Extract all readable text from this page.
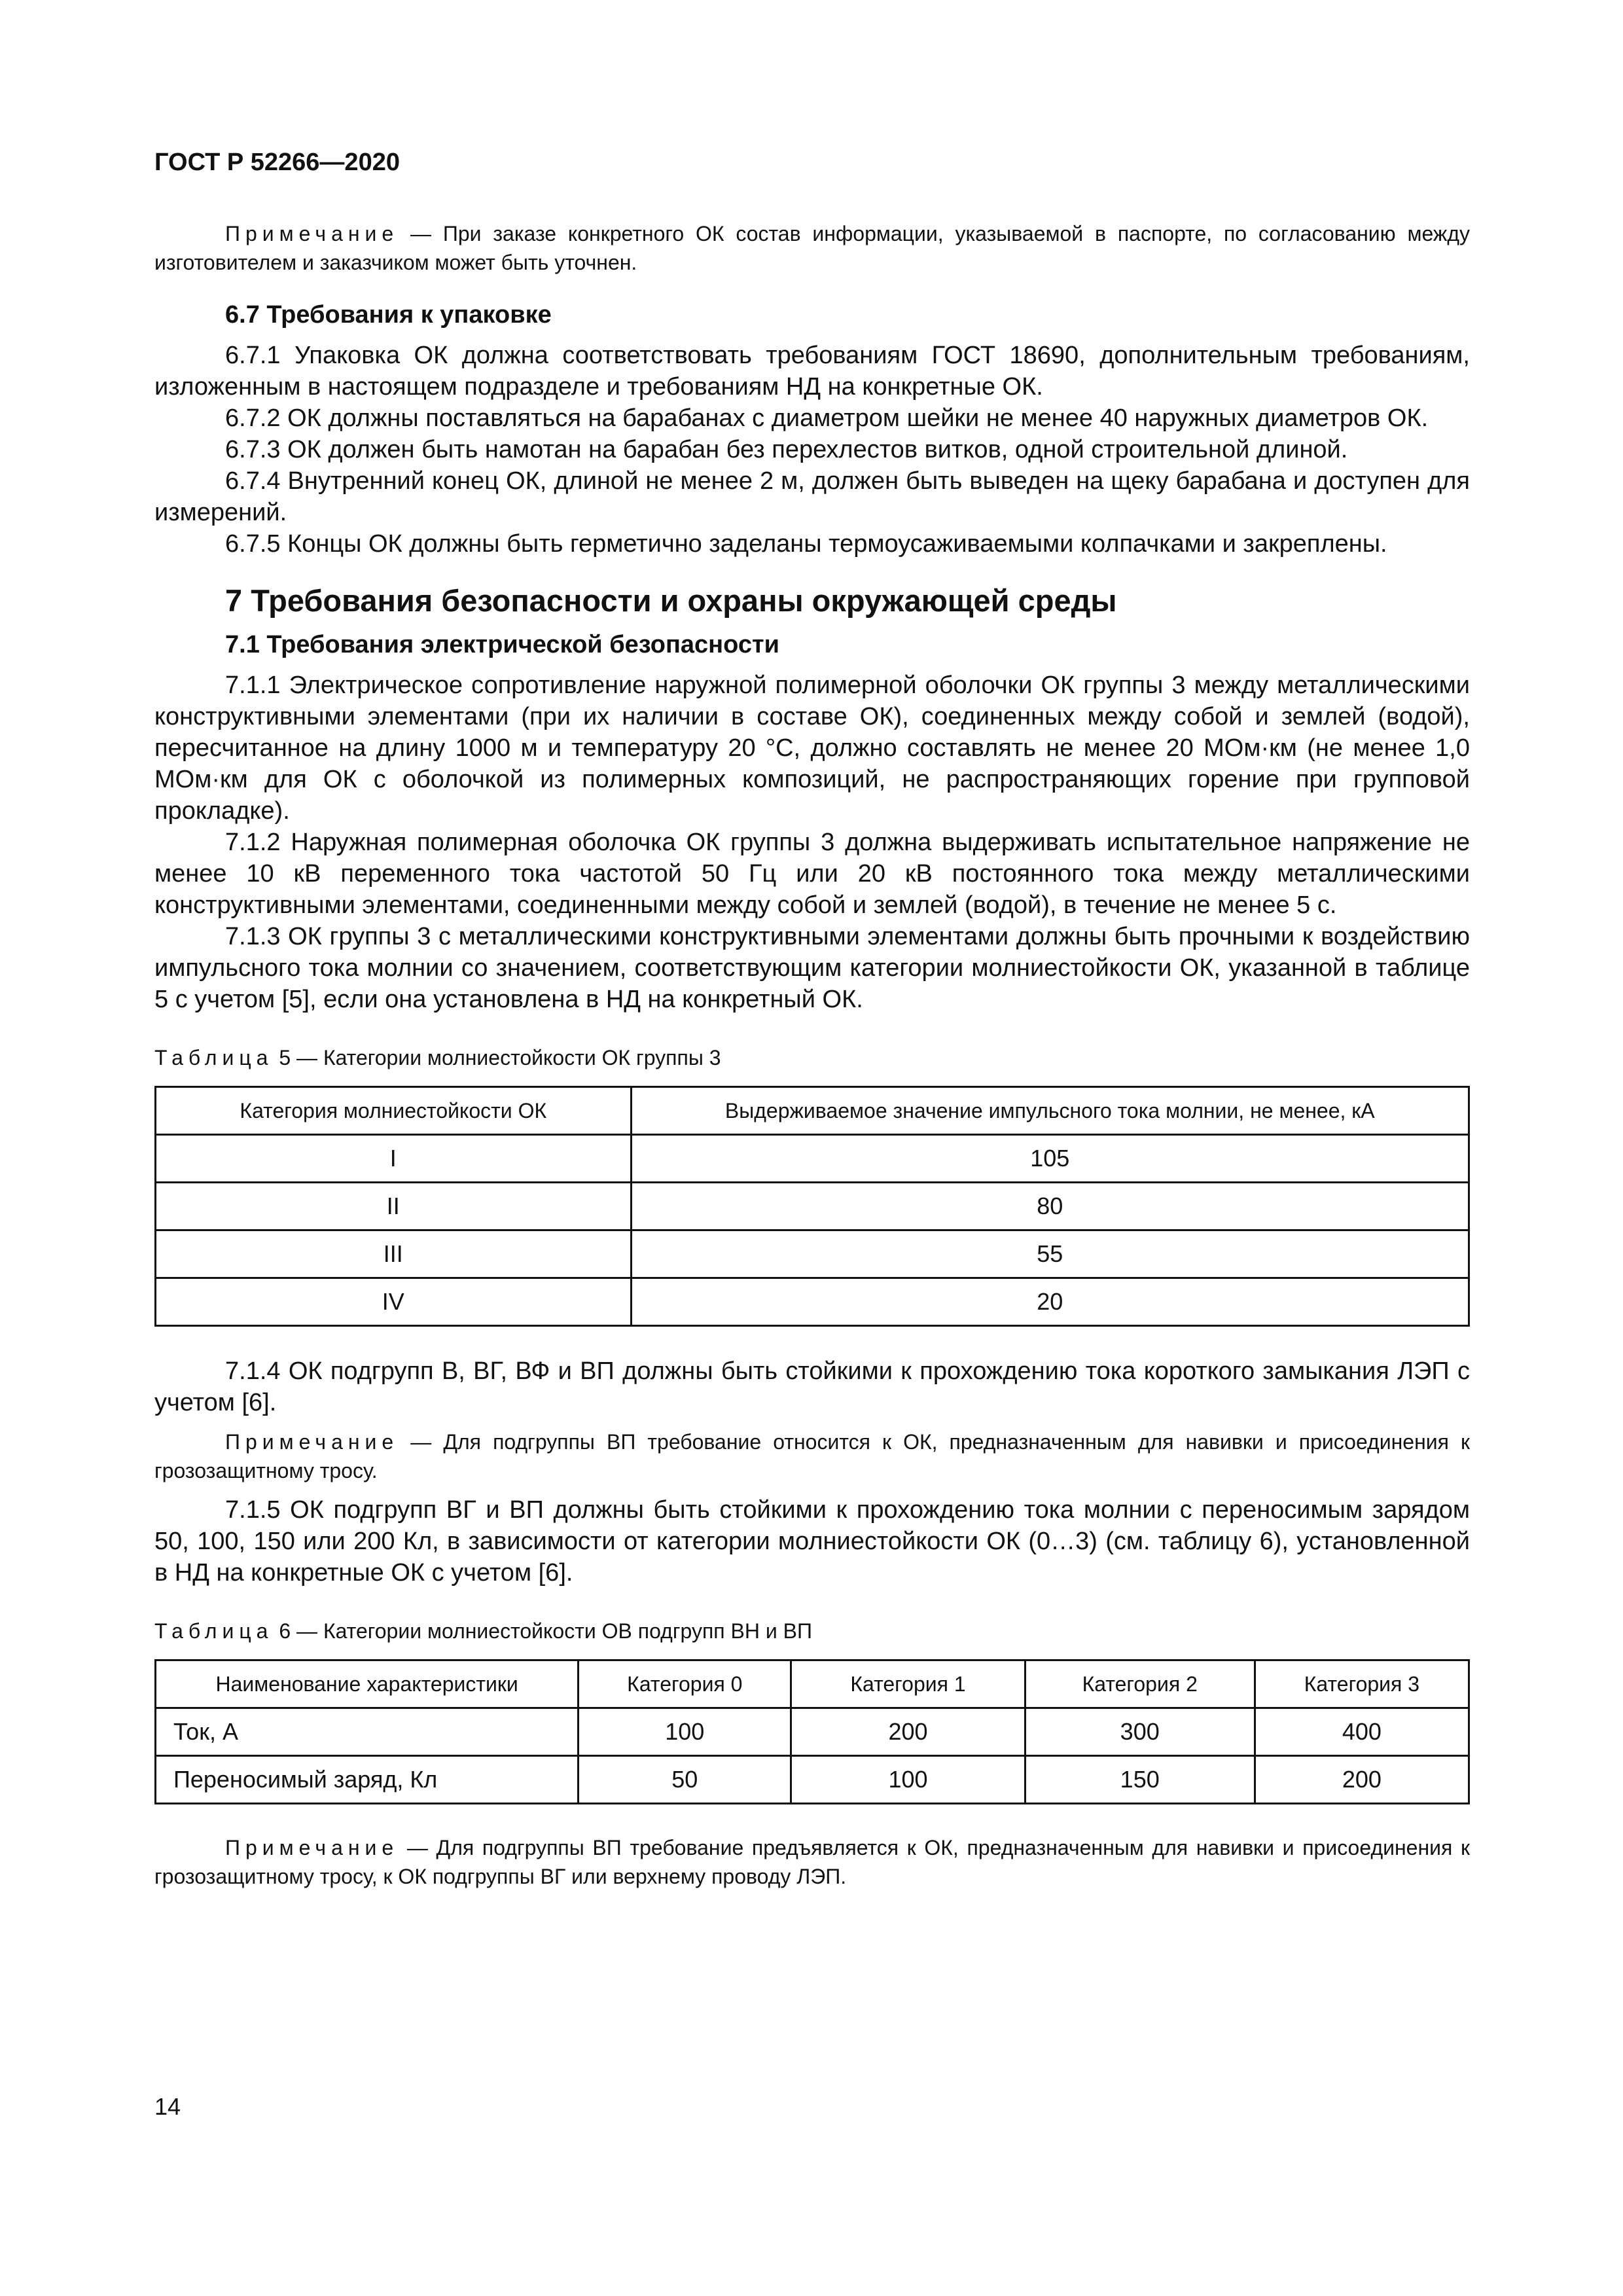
ГОСТ Р 52266—2020

Примечание — При заказе конкретного ОК состав информации, указываемой в паспорте, по согласованию между изготовителем и заказчиком может быть уточнен.

6.7 Требования к упаковке

6.7.1 Упаковка ОК должна соответствовать требованиям ГОСТ 18690, дополнительным требованиям, изложенным в настоящем подразделе и требованиям НД на конкретные ОК.

6.7.2 ОК должны поставляться на барабанах с диаметром шейки не менее 40 наружных диаметров ОК.

6.7.3 ОК должен быть намотан на барабан без перехлестов витков, одной строительной длиной.

6.7.4 Внутренний конец ОК, длиной не менее 2 м, должен быть выведен на щеку барабана и доступен для измерений.

6.7.5 Концы ОК должны быть герметично заделаны термоусаживаемыми колпачками и закреплены.

7 Требования безопасности и охраны окружающей среды
7.1 Требования электрической безопасности

7.1.1 Электрическое сопротивление наружной полимерной оболочки ОК группы 3 между металлическими конструктивными элементами (при их наличии в составе ОК), соединенных между собой и землей (водой), пересчитанное на длину 1000 м и температуру 20 °С, должно составлять не менее 20 МОм·км (не менее 1,0 МОм·км для ОК с оболочкой из полимерных композиций, не распространяющих горение при групповой прокладке).

7.1.2 Наружная полимерная оболочка ОК группы 3 должна выдерживать испытательное напряжение не менее 10 кВ переменного тока частотой 50 Гц или 20 кВ постоянного тока между металлическими конструктивными элементами, соединенными между собой и землей (водой), в течение не менее 5 с.

7.1.3 ОК группы 3 с металлическими конструктивными элементами должны быть прочными к воздействию импульсного тока молнии со значением, соответствующим категории молниестойкости ОК, указанной в таблице 5 с учетом [5], если она установлена в НД на конкретный ОК.

Таблица 5 — Категории молниестойкости ОК группы 3
Категория молниестойкости ОК	Выдерживаемое значение импульсного тока молнии, не менее, кА
I	105
II	80
III	55
IV	20

7.1.4 ОК подгрупп В, ВГ, ВФ и ВП должны быть стойкими к прохождению тока короткого замыкания ЛЭП с учетом [6].

Примечание — Для подгруппы ВП требование относится к ОК, предназначенным для навивки и присоединения к грозозащитному тросу.

7.1.5 ОК подгрупп ВГ и ВП должны быть стойкими к прохождению тока молнии с переносимым зарядом 50, 100, 150 или 200 Кл, в зависимости от категории молниестойкости ОК (0…3) (см. таблицу 6), установленной в НД на конкретные ОК с учетом [6].

Таблица 6 — Категории молниестойкости ОВ подгрупп ВН и ВП
Наименование характеристики	Категория 0	Категория 1	Категория 2	Категория 3
Ток, А	100	200	300	400
Переносимый заряд, Кл	50	100	150	200

Примечание — Для подгруппы ВП требование предъявляется к ОК, предназначенным для навивки и присоединения к грозозащитному тросу, к ОК подгруппы ВГ или верхнему проводу ЛЭП.

14
